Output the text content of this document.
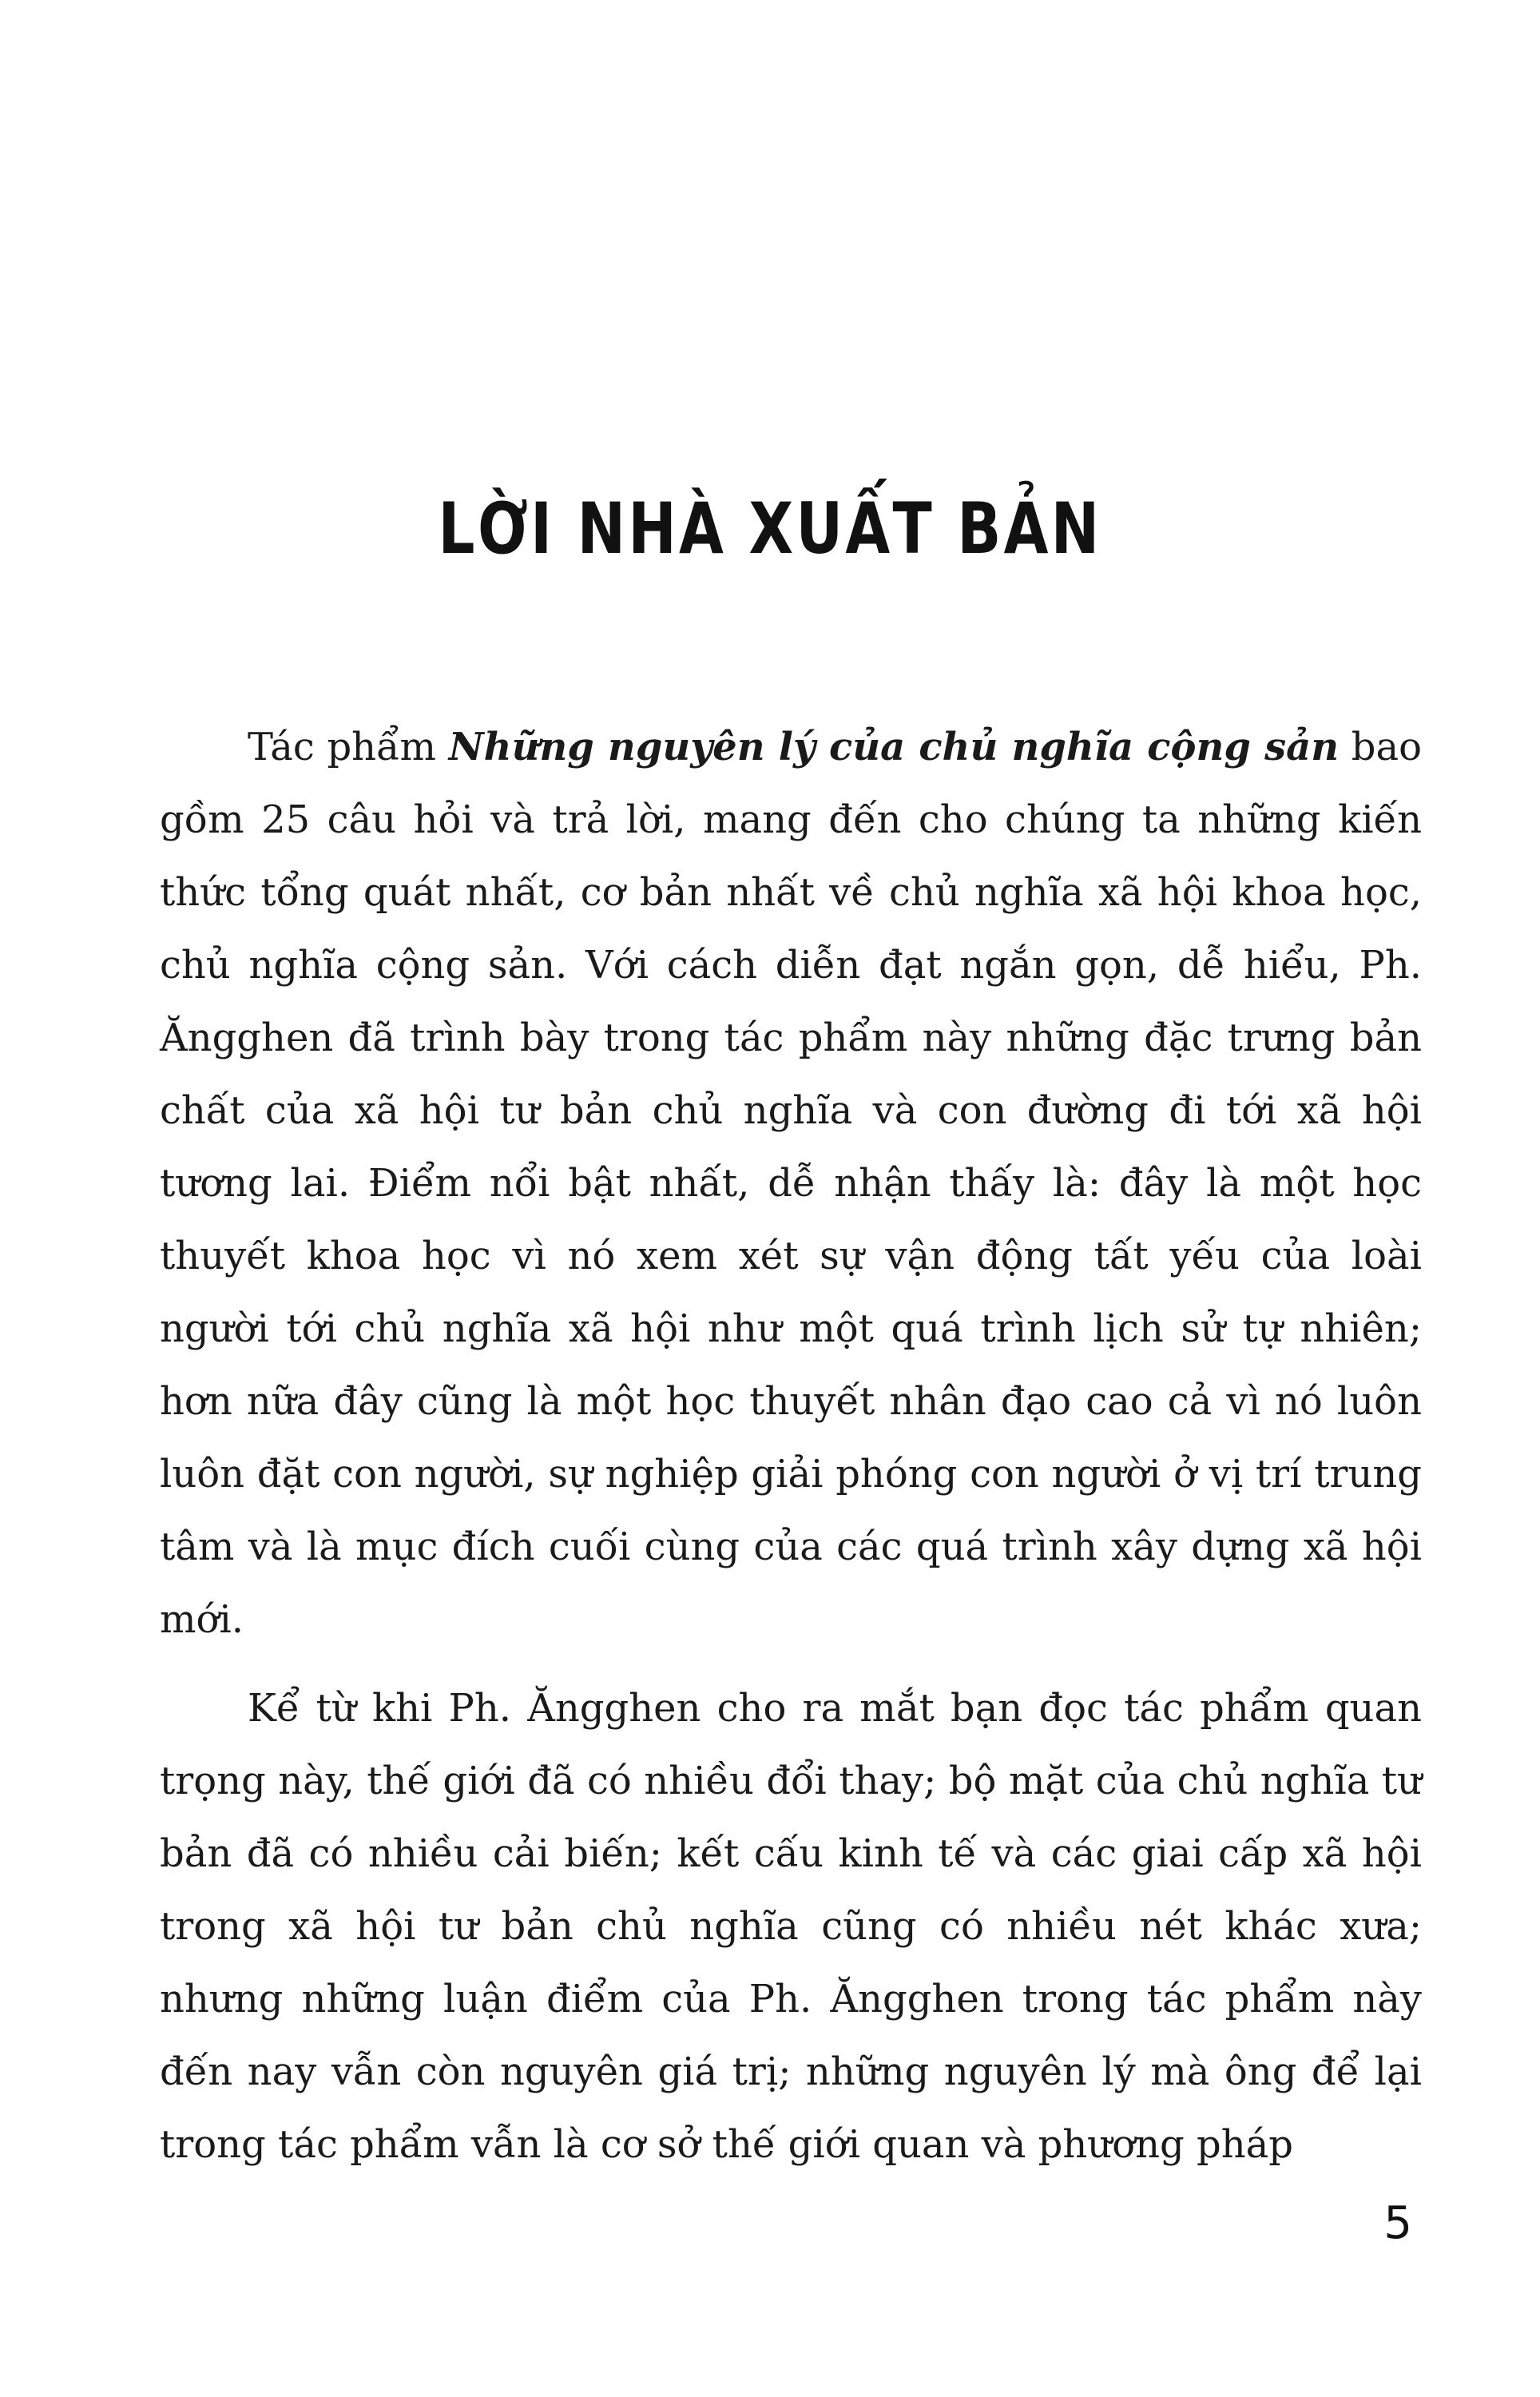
LỜI NHÀ XUẤT BẢN

Tác phẩm Những nguyên lý của chủ nghĩa cộng sản bao gồm 25 câu hỏi và trả lời, mang đến cho chúng ta những kiến thức tổng quát nhất, cơ bản nhất về chủ nghĩa xã hội khoa học, chủ nghĩa cộng sản. Với cách diễn đạt ngắn gọn, dễ hiểu, Ph. Ăngghen đã trình bày trong tác phẩm này những đặc trưng bản chất của xã hội tư bản chủ nghĩa và con đường đi tới xã hội tương lai. Điểm nổi bật nhất, dễ nhận thấy là: đây là một học thuyết khoa học vì nó xem xét sự vận động tất yếu của loài người tới chủ nghĩa xã hội như một quá trình lịch sử tự nhiên; hơn nữa đây cũng là một học thuyết nhân đạo cao cả vì nó luôn luôn đặt con người, sự nghiệp giải phóng con người ở vị trí trung tâm và là mục đích cuối cùng của các quá trình xây dựng xã hội mới.

Kể từ khi Ph. Ăngghen cho ra mắt bạn đọc tác phẩm quan trọng này, thế giới đã có nhiều đổi thay; bộ mặt của chủ nghĩa tư bản đã có nhiều cải biến; kết cấu kinh tế và các giai cấp xã hội trong xã hội tư bản chủ nghĩa cũng có nhiều nét khác xưa; nhưng những luận điểm của Ph. Ăngghen trong tác phẩm này đến nay vẫn còn nguyên giá trị; những nguyên lý mà ông để lại trong tác phẩm vẫn là cơ sở thế giới quan và phương pháp

5
